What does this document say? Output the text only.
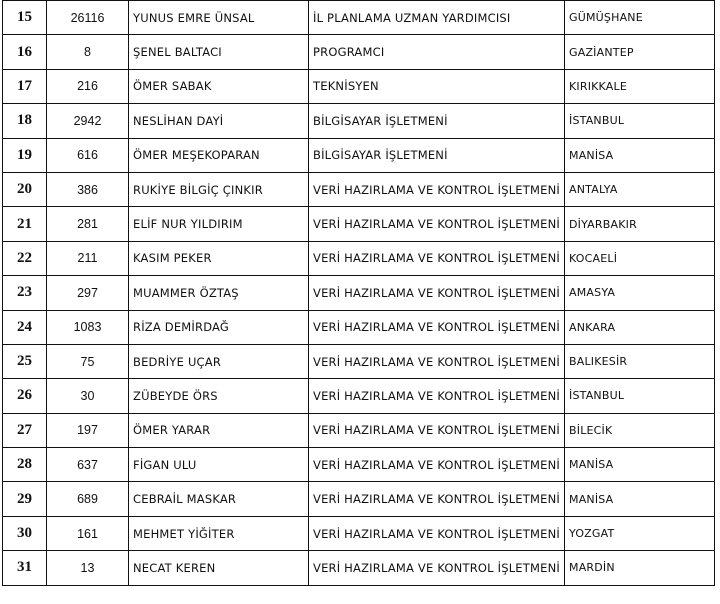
15	26116	YUNUS EMRE ÜNSAL	İL PLANLAMA UZMAN YARDIMCISI	GÜMÜŞHANE
16	8	ŞENEL BALTACI	PROGRAMCI	GAZİANTEP
17	216	ÖMER SABAK	TEKNİSYEN	KIRIKKALE
18	2942	NESLİHAN DAYİ	BİLGİSAYAR İŞLETMENİ	İSTANBUL
19	616	ÖMER MEŞEKOPARAN	BİLGİSAYAR İŞLETMENİ	MANİSA
20	386	RUKİYE BİLGİÇ ÇINKIR	VERİ HAZIRLAMA VE KONTROL İŞLETMENİ	ANTALYA
21	281	ELİF NUR YILDIRIM	VERİ HAZIRLAMA VE KONTROL İŞLETMENİ	DİYARBAKIR
22	211	KASIM PEKER	VERİ HAZIRLAMA VE KONTROL İŞLETMENİ	KOCAELİ
23	297	MUAMMER ÖZTAŞ	VERİ HAZIRLAMA VE KONTROL İŞLETMENİ	AMASYA
24	1083	RİZA DEMİRDAĞ	VERİ HAZIRLAMA VE KONTROL İŞLETMENİ	ANKARA
25	75	BEDRİYE UÇAR	VERİ HAZIRLAMA VE KONTROL İŞLETMENİ	BALIKESİR
26	30	ZÜBEYDE ÖRS	VERİ HAZIRLAMA VE KONTROL İŞLETMENİ	İSTANBUL
27	197	ÖMER YARAR	VERİ HAZIRLAMA VE KONTROL İŞLETMENİ	BİLECİK
28	637	FİGAN ULU	VERİ HAZIRLAMA VE KONTROL İŞLETMENİ	MANİSA
29	689	CEBRAİL MASKAR	VERİ HAZIRLAMA VE KONTROL İŞLETMENİ	MANİSA
30	161	MEHMET YİĞİTER	VERİ HAZIRLAMA VE KONTROL İŞLETMENİ	YOZGAT
31	13	NECAT KEREN	VERİ HAZIRLAMA VE KONTROL İŞLETMENİ	MARDİN
